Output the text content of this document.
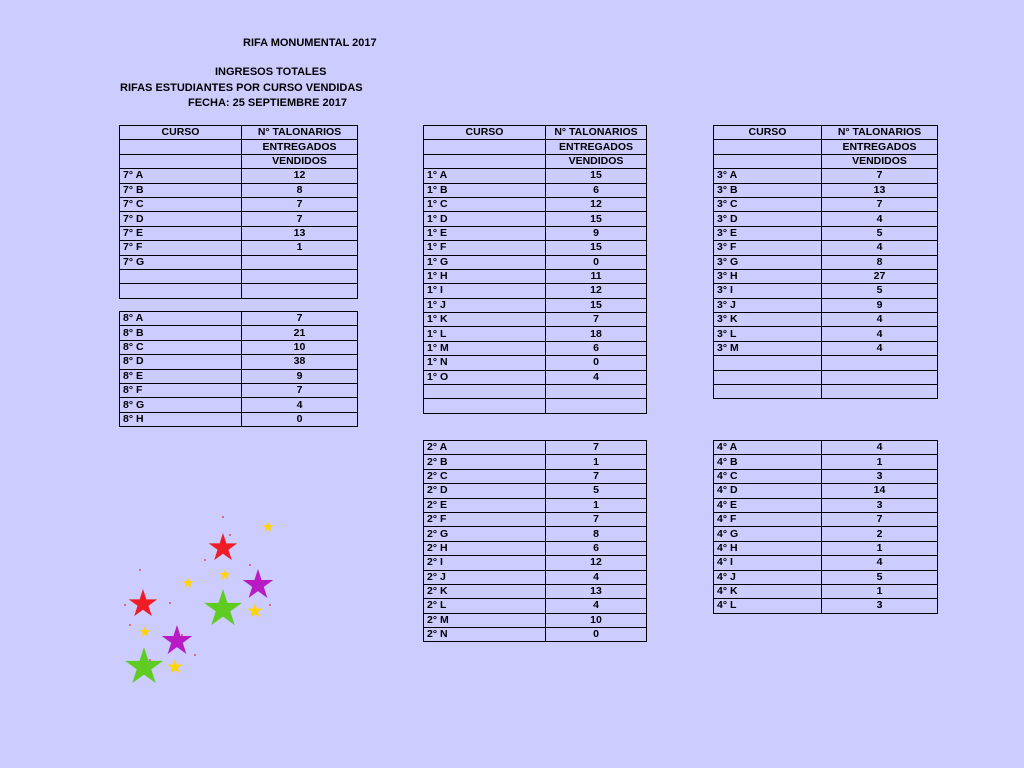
RIFA MONUMENTAL 2017
INGRESOS TOTALES
RIFAS ESTUDIANTES POR CURSO VENDIDAS
FECHA: 25 SEPTIEMBRE 2017
CURSO	N° TALONARIOS
	ENTREGADOS
	VENDIDOS
7° A	12
7° B	8
7° C	7
7° D	7
7° E	13
7° F	1
7° G	

8° A	7
8° B	21
8° C	10
8° D	38
8° E	9
8° F	7
8° G	4
8° H	0
CURSO	N° TALONARIOS
	ENTREGADOS
	VENDIDOS
1° A	15
1° B	6
1° C	12
1° D	15
1° E	9
1° F	15
1° G	0
1° H	11
1° I	12
1° J	15
1° K	7
1° L	18
1° M	6
1° N	0
1° O	4

2° A	7
2° B	1
2° C	7
2° D	5
2° E	1
2° F	7
2° G	8
2° H	6
2° I	12
2° J	4
2° K	13
2° L	4
2° M	10
2° N	0
CURSO	N° TALONARIOS
	ENTREGADOS
	VENDIDOS
3° A	7
3° B	13
3° C	7
3° D	4
3° E	5
3° F	4
3° G	8
3° H	27
3° I	5
3° J	9
3° K	4
3° L	4
3° M	4

4° A	4
4° B	1
4° C	3
4° D	14
4° E	3
4° F	7
4° G	2
4° H	1
4° I	4
4° J	5
4° K	1
4° L	3
